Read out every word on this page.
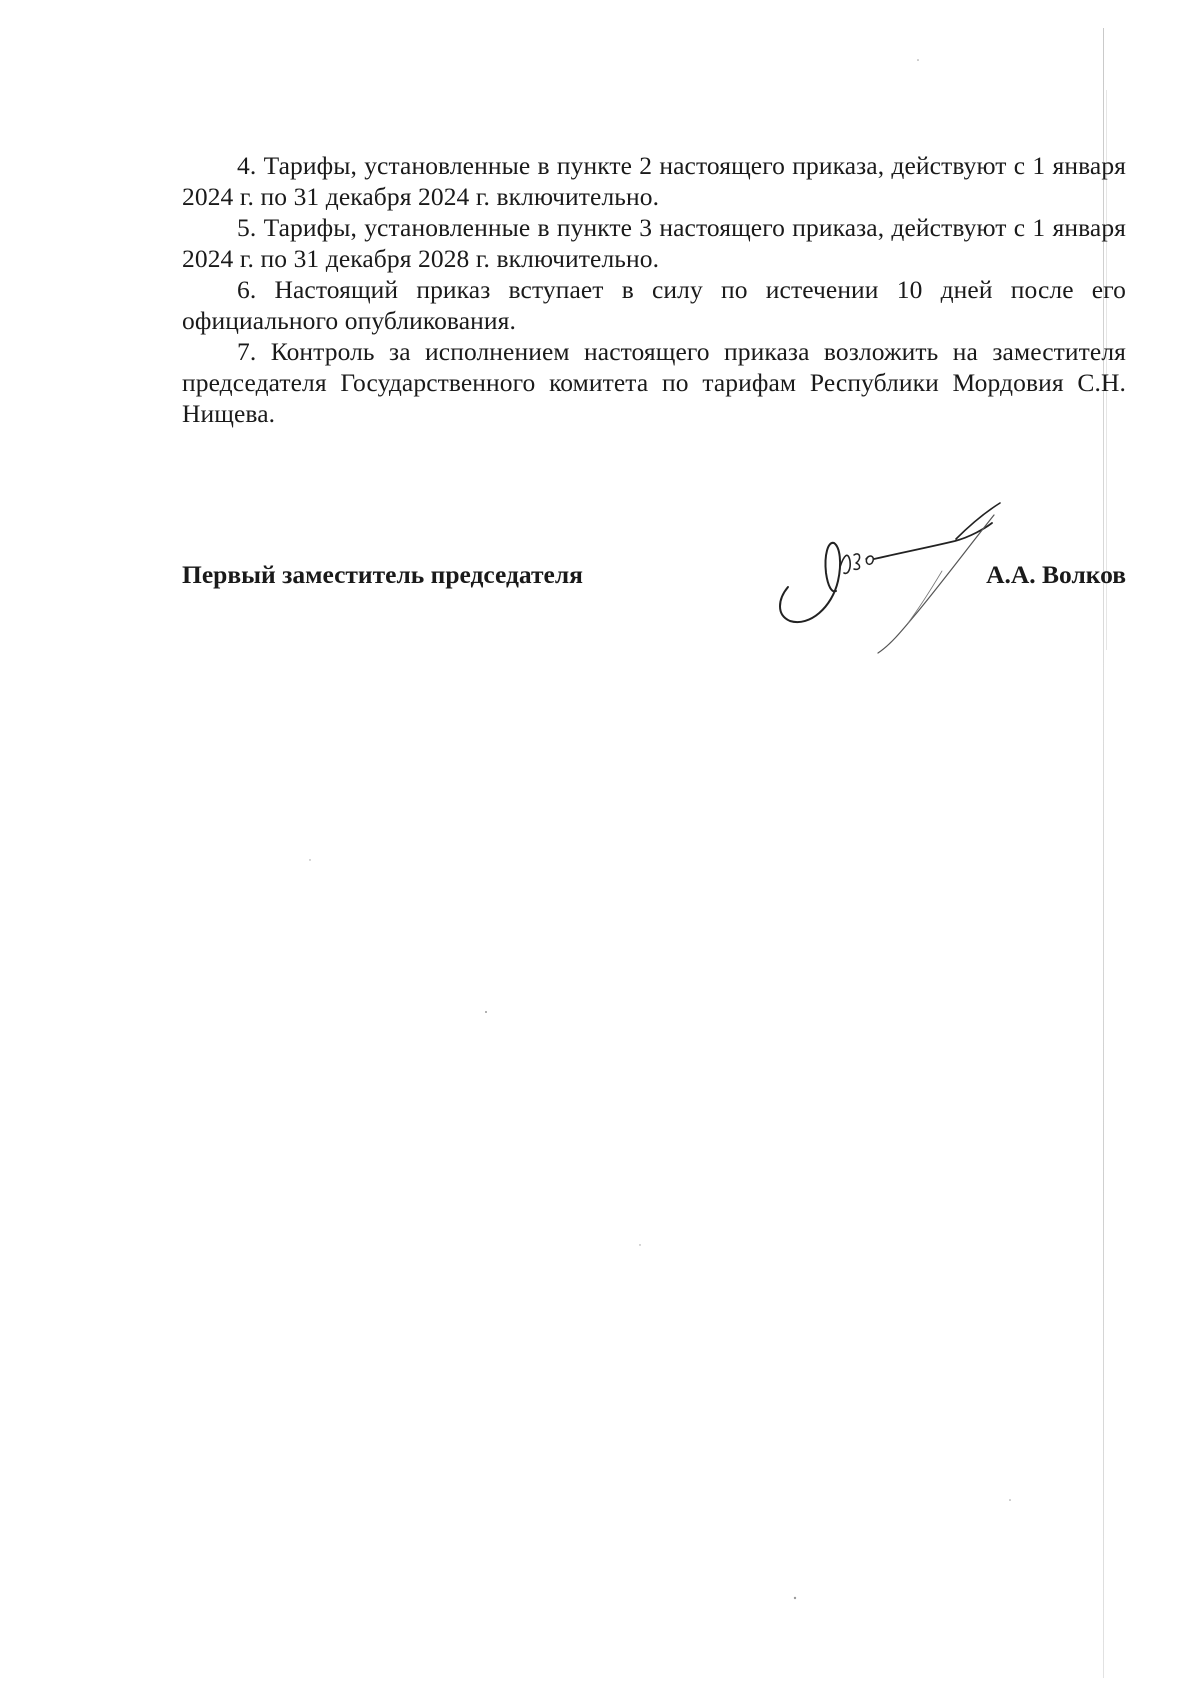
4. Тарифы, установленные в пункте 2 настоящего приказа, действуют с 1 января 2024 г. по 31 декабря 2024 г. включительно.

5. Тарифы, установленные в пункте 3 настоящего приказа, действуют с 1 января 2024 г. по 31 декабря 2028 г. включительно.

6. Настоящий приказ вступает в силу по истечении 10 дней после его официального опубликования.

7. Контроль за исполнением настоящего приказа возложить на заместителя председателя Государственного комитета по тарифам Республики Мордовия С.Н. Нищева.

Первый заместитель председателя	А.А. Волков
